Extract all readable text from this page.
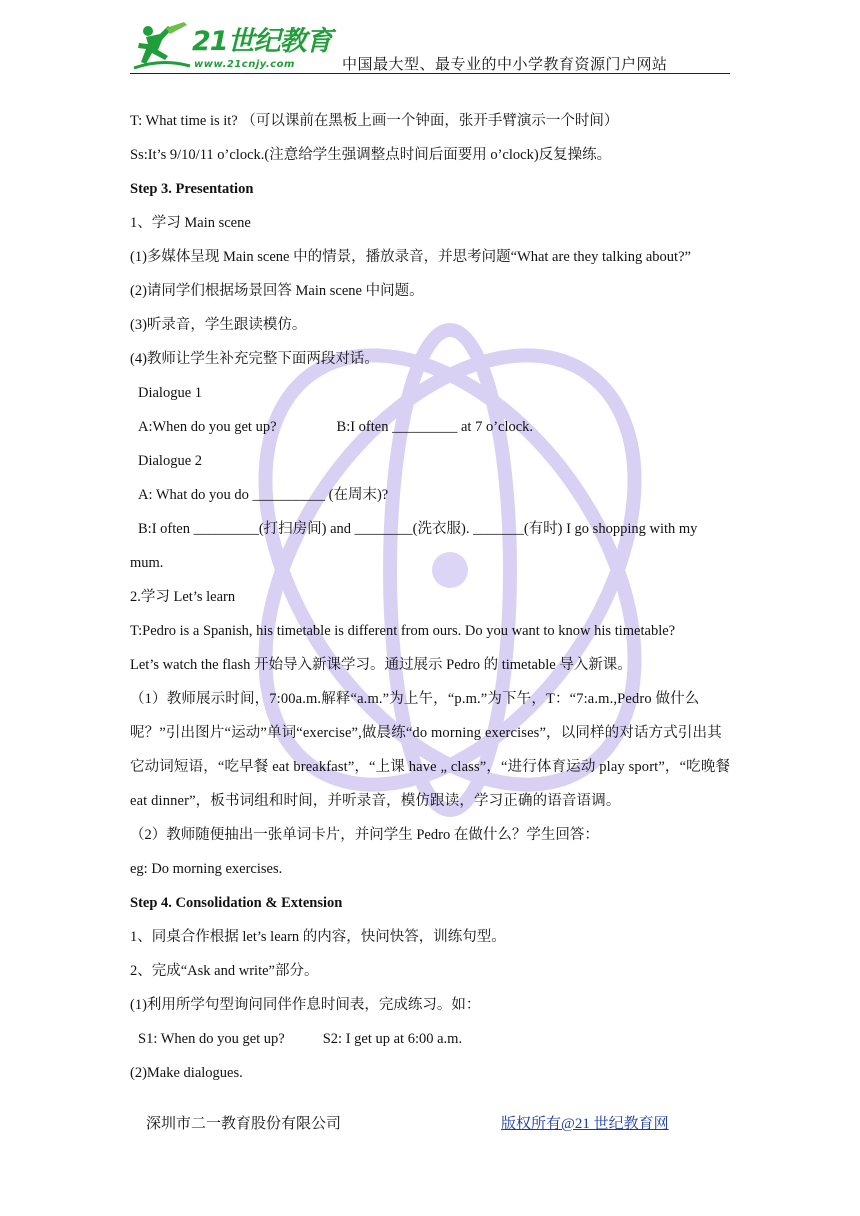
21世纪教育
www.21cnjy.com	中国最大型、最专业的中小学教育资源门户网站

T: What time is it? （可以课前在黑板上画一个钟面，张开手臂演示一个时间）

Ss:It’s 9/10/11 o’clock.(注意给学生强调整点时间后面要用 o’clock)反复操练。

Step 3. Presentation

1、学习 Main scene

(1)多媒体呈现 Main scene 中的情景，播放录音，并思考问题“What are they talking about?”

(2)请同学们根据场景回答 Main scene 中问题。

(3)听录音，学生跟读模仿。

(4)教师让学生补充完整下面两段对话。

Dialogue 1

A:When do you get up?	B:I often _________ at 7 o’clock.

Dialogue 2

A: What do you do __________ (在周末)?

B:I often _________(打扫房间) and ________(洗衣服). _______(有时) I go shopping with my

mum.

2.学习 Let’s learn

T:Pedro is a Spanish, his timetable is different from ours. Do you want to know his timetable?

Let’s watch the flash 开始导入新课学习。通过展示 Pedro 的 timetable 导入新课。

（1）教师展示时间，7:00a.m.解释“a.m.”为上午，“p.m.”为下午，T：“7:a.m.,Pedro 做什么呢？”引出图片“运动”单词“exercise”,做晨练“do morning exercises”，以同样的对话方式引出其它动词短语，“吃早餐 eat breakfast”，“上课 have „ class”，“进行体育运动 play sport”，“吃晚餐 eat dinner”，板书词组和时间，并听录音，模仿跟读，学习正确的语音语调。

（2）教师随便抽出一张单词卡片，并问学生 Pedro 在做什么？学生回答：

eg: Do morning exercises.

Step 4. Consolidation & Extension

1、同桌合作根据 let’s learn 的内容，快问快答，训练句型。

2、完成“Ask and write”部分。

(1)利用所学句型询问同伴作息时间表，完成练习。如：

S1: When do you get up?	S2: I get up at 6:00 a.m.

(2)Make dialogues.

深圳市二一教育股份有限公司	版权所有@21 世纪教育网
